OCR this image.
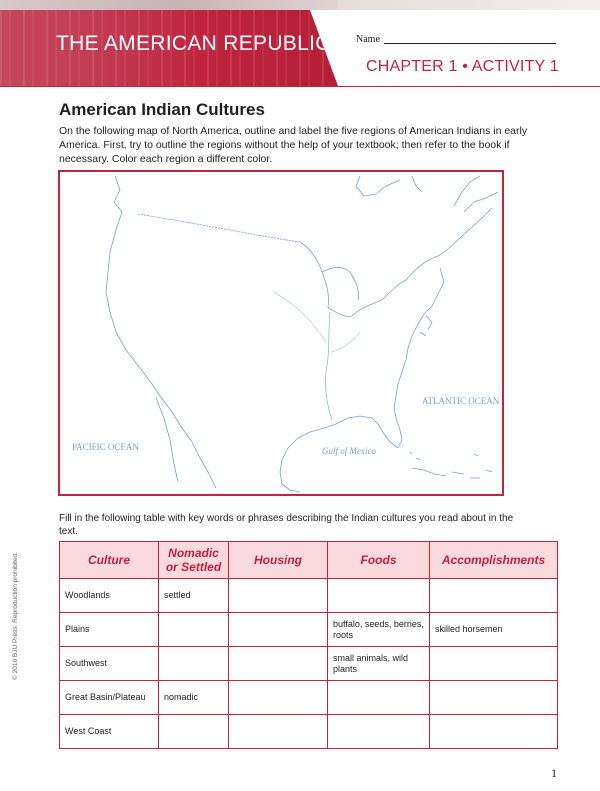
THE AMERICAN REPUBLIC	Name
CHAPTER 1 • ACTIVITY 1
American Indian Cultures
On the following map of North America, outline and label the five regions of American Indians in early America. First, try to outline the regions without the help of your textbook; then refer to the book if necessary. Color each region a different color.
ATLANTIC OCEAN
PACIFIC OCEAN	Gulf of Mexico
© 2016 BJU Press. Reproduction prohibited.
Fill in the following table with key words or phrases describing the Indian cultures you read about in the text.
Culture	Nomadic or Settled	Housing	Foods	Accomplishments
Woodlands	settled			
Plains			buffalo, seeds, berries, roots	skilled horsemen
Southwest			small animals, wild plants	
Great Basin/Plateau	nomadic			
West Coast				
1
